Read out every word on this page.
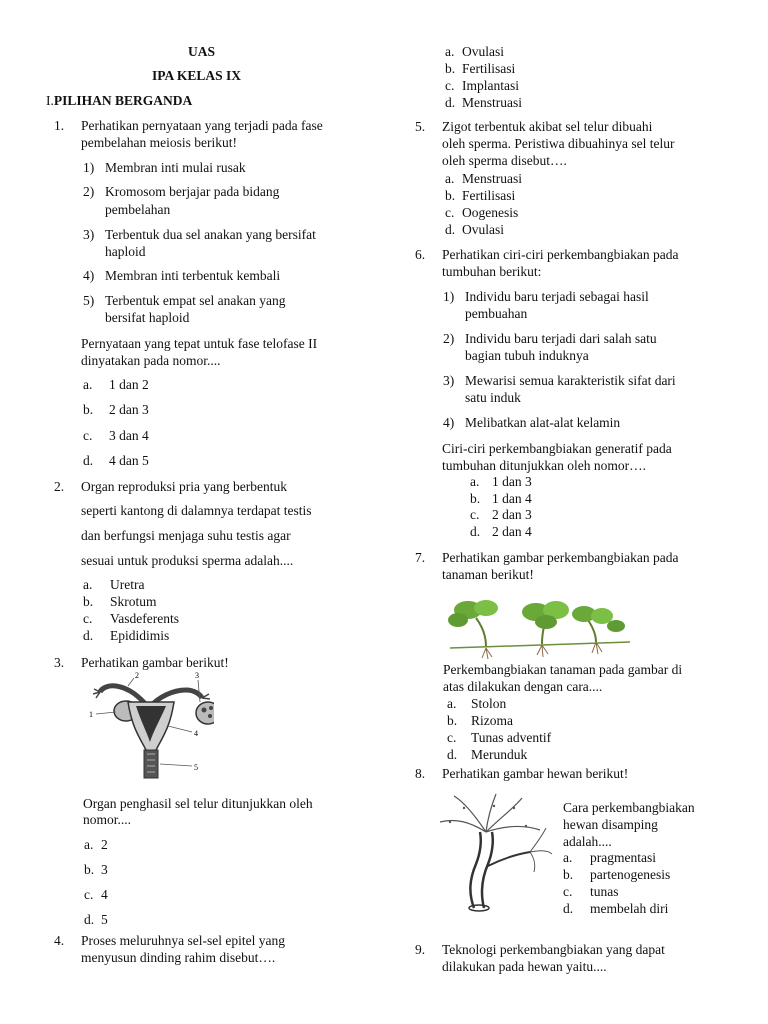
UAS
IPA KELAS IX
I.PILIHAN BERGANDA
1. Perhatikan pernyataan yang terjadi pada fase
pembelahan meiosis berikut!
1) Membran inti mulai rusak
2) Kromosom berjajar pada bidang
pembelahan
3) Terbentuk dua sel anakan yang bersifat
haploid
4) Membran inti terbentuk kembali
5) Terbentuk empat sel anakan yang
bersifat haploid
Pernyataan yang tepat untuk fase telofase II
dinyatakan pada nomor....
a. 1 dan 2
b. 2 dan 3
c. 3 dan 4
d. 4 dan 5
2. Organ reproduksi pria yang berbentuk
seperti kantong di dalamnya terdapat testis
dan berfungsi menjaga suhu testis agar
sesuai untuk produksi sperma adalah....
a. Uretra
b. Skrotum
c. Vasdeferents
d. Epididimis
3. Perhatikan gambar berikut!
1
2	3
4
5
Organ penghasil sel telur ditunjukkan oleh
nomor....
a. 2
b. 3
c. 4
d. 5
4. Proses meluruhnya sel-sel epitel yang
menyusun dinding rahim disebut….
a. Ovulasi
b. Fertilisasi
c. Implantasi
d. Menstruasi
5. Zigot terbentuk akibat sel telur dibuahi
oleh sperma. Peristiwa dibuahinya sel telur
oleh sperma disebut….
a. Menstruasi
b. Fertilisasi
c. Oogenesis
d. Ovulasi
6. Perhatikan ciri-ciri perkembangbiakan pada
tumbuhan berikut:
1) Individu baru terjadi sebagai hasil
pembuahan
2) Individu baru terjadi dari salah satu
bagian tubuh induknya
3) Mewarisi semua karakteristik sifat dari
satu induk
4) Melibatkan alat-alat kelamin
Ciri-ciri perkembangbiakan generatif pada
tumbuhan ditunjukkan oleh nomor….
a. 1 dan 3
b. 1 dan 4
c. 2 dan 3
d. 2 dan 4
7. Perhatikan gambar perkembangbiakan pada
tanaman berikut!
Perkembangbiakan tanaman pada gambar di
atas dilakukan dengan cara....
a. Stolon
b. Rizoma
c. Tunas adventif
d. Merunduk
8. Perhatikan gambar hewan berikut!
Cara perkembangbiakan
hewan disamping
adalah....
a. pragmentasi
b. partenogenesis
c. tunas
d. membelah diri
9. Teknologi perkembangbiakan yang dapat
dilakukan pada hewan yaitu....
